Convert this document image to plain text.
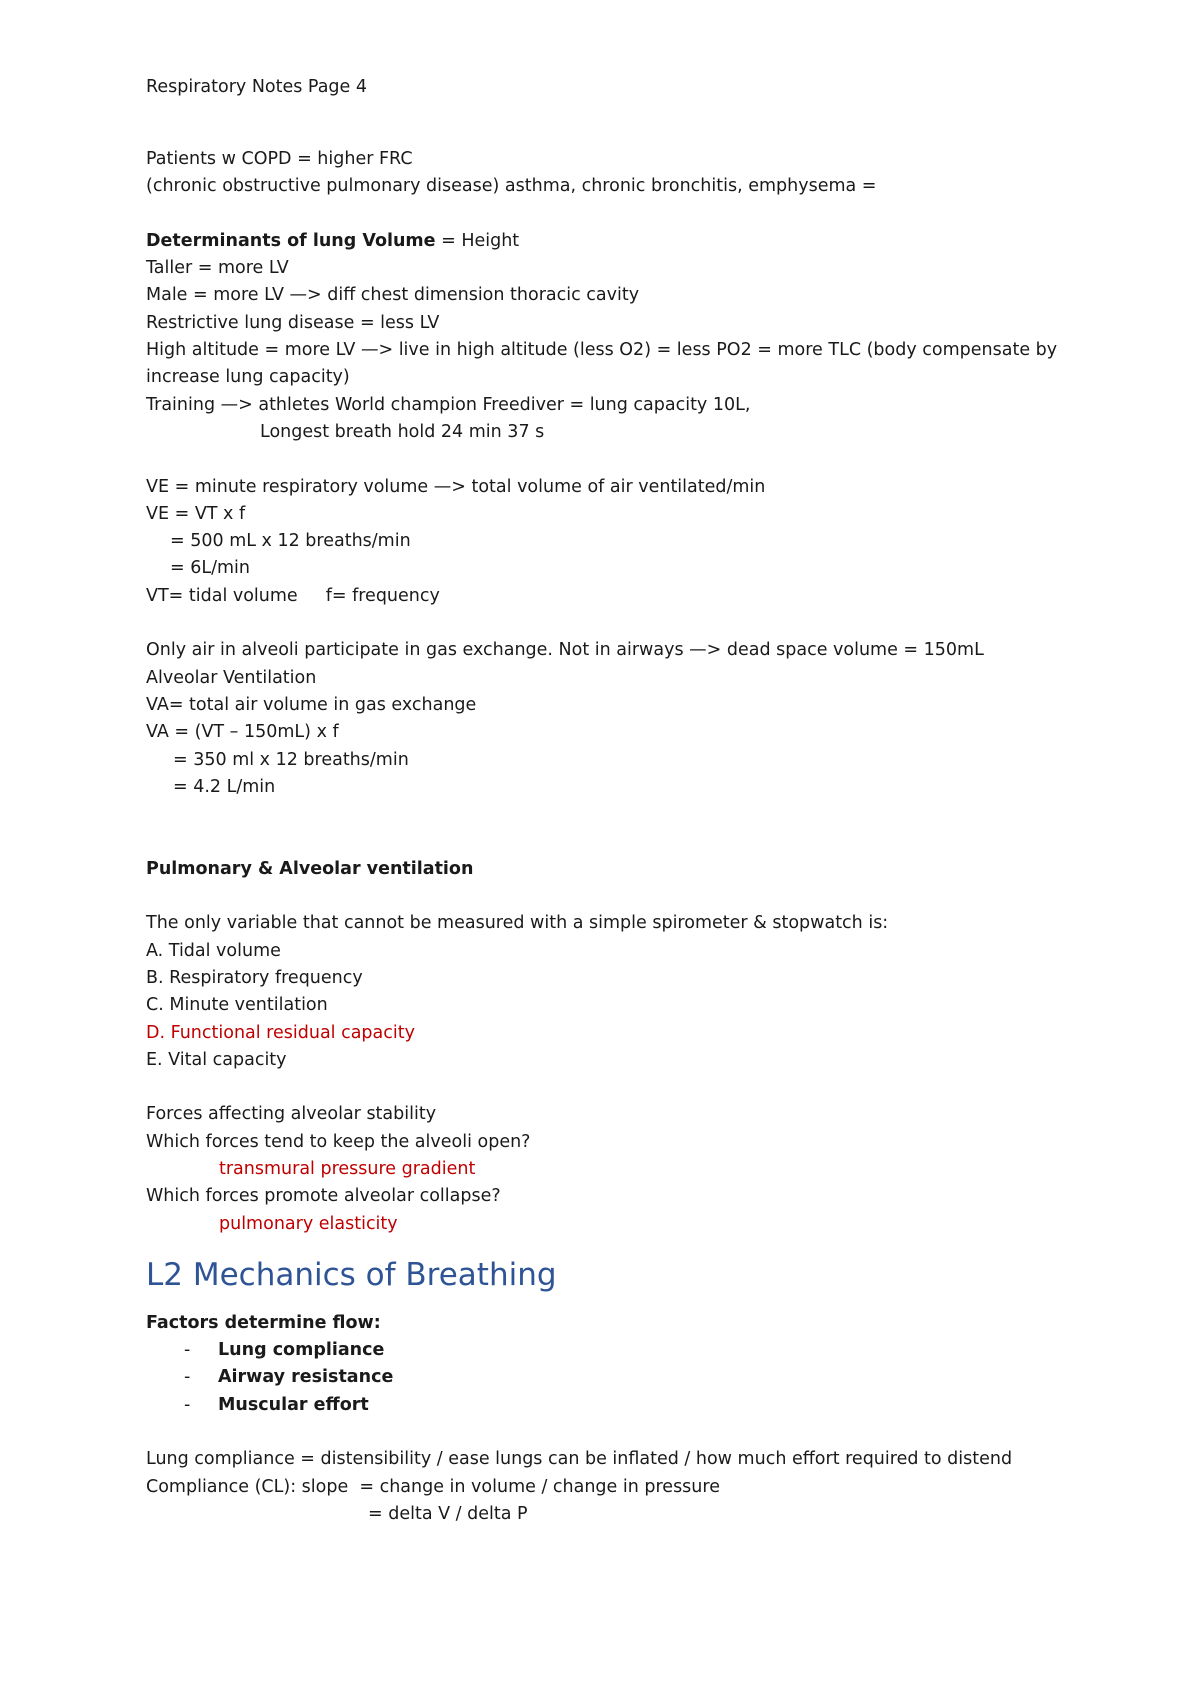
Respiratory Notes Page 4
Patients w COPD = higher FRC
(chronic obstructive pulmonary disease) asthma, chronic bronchitis, emphysema =
Determinants of lung Volume = Height
Taller = more LV
Male = more LV —> diff chest dimension thoracic cavity
Restrictive lung disease = less LV
High altitude = more LV —> live in high altitude (less O2) = less PO2 = more TLC (body compensate by increase lung capacity)
Training —> athletes World champion Freediver = lung capacity 10L,
Longest breath hold 24 min 37 s
VE = minute respiratory volume —> total volume of air ventilated/min
VE = VT x f
= 500 mL x 12 breaths/min
= 6L/min
VT= tidal volume f= frequency
Only air in alveoli participate in gas exchange. Not in airways —> dead space volume = 150mL
Alveolar Ventilation
VA= total air volume in gas exchange
VA = (VT – 150mL) x f
= 350 ml x 12 breaths/min
= 4.2 L/min
Pulmonary & Alveolar ventilation
The only variable that cannot be measured with a simple spirometer & stopwatch is:
A. Tidal volume
B. Respiratory frequency
C. Minute ventilation
D. Functional residual capacity
E. Vital capacity
Forces affecting alveolar stability
Which forces tend to keep the alveoli open?
transmural pressure gradient
Which forces promote alveolar collapse?
pulmonary elasticity
L2 Mechanics of Breathing
Factors determine flow:
- Lung compliance
- Airway resistance
- Muscular effort
Lung compliance = distensibility / ease lungs can be inflated / how much effort required to distend
Compliance (CL): slope  = change in volume / change in pressure
= delta V / delta P
